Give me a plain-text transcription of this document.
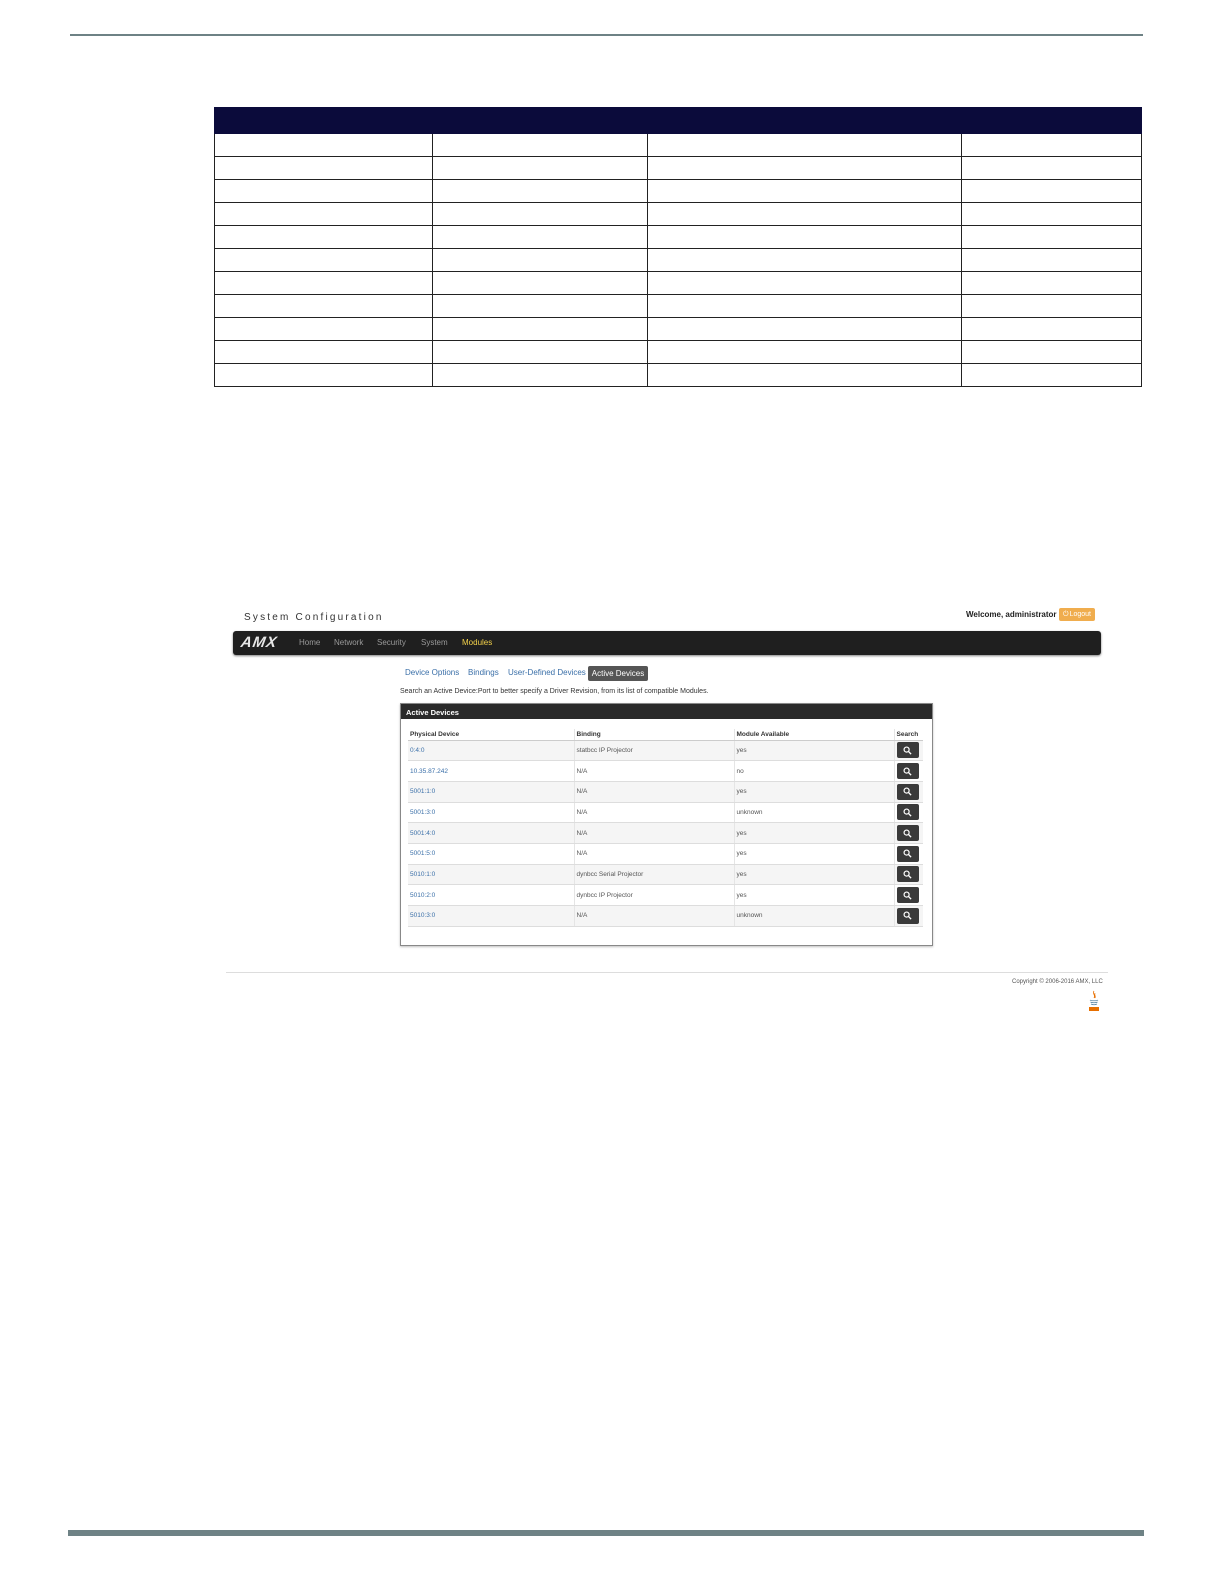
System Configuration	Welcome, administrator ⏻ Logout
AMX	Home Network Security System Modules
Device Options Bindings User-Defined Devices Active Devices
Search an Active Device:Port to better specify a Driver Revision, from its list of compatible Modules.
Active Devices
Physical Device	Binding	Module Available	Search
0:4:0	statbcc IP Projector	yes	

10.35.87.242	N/A	no	

5001:1:0	N/A	yes	

5001:3:0	N/A	unknown	

5001:4:0	N/A	yes	

5001:5:0	N/A	yes	

5010:1:0	dynbcc Serial Projector	yes	

5010:2:0	dynbcc IP Projector	yes	

5010:3:0	N/A	unknown	
Copyright © 2006-2016 AMX, LLC
